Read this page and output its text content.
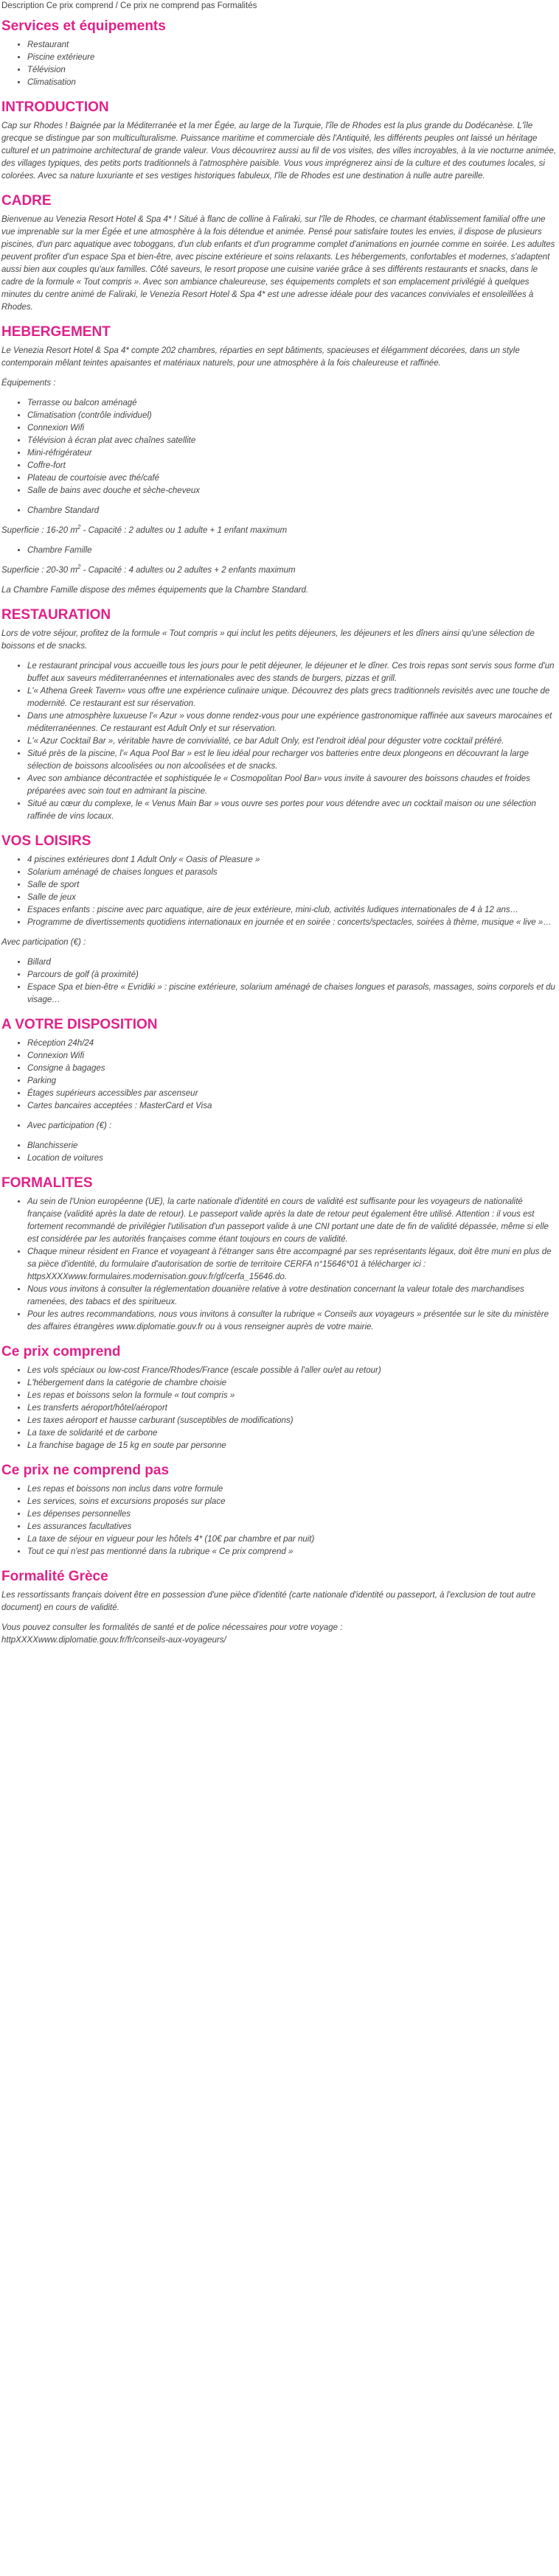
Description Ce prix comprend / Ce prix ne comprend pas Formalités
Services et équipements
• Restaurant
• Piscine extérieure
• Télévision
• Climatisation
INTRODUCTION

Cap sur Rhodes ! Baignée par la Méditerranée et la mer Égée, au large de la Turquie, l'île de Rhodes est la plus grande du Dodécanèse. L'île grecque se distingue par son multiculturalisme. Puissance maritime et commerciale dès l'Antiquité, les différents peuples ont laissé un héritage culturel et un patrimoine architectural de grande valeur. Vous découvrirez aussi au fil de vos visites, des villes incroyables, à la vie nocturne animée, des villages typiques, des petits ports traditionnels à l'atmosphère paisible. Vous vous imprégnerez ainsi de la culture et des coutumes locales, si colorées. Avec sa nature luxuriante et ses vestiges historiques fabuleux, l'île de Rhodes est une destination à nulle autre pareille.

CADRE

Bienvenue au Venezia Resort Hotel & Spa 4* ! Situé à flanc de colline à Faliraki, sur l'île de Rhodes, ce charmant établissement familial offre une vue imprenable sur la mer Égée et une atmosphère à la fois détendue et animée. Pensé pour satisfaire toutes les envies, il dispose de plusieurs piscines, d'un parc aquatique avec toboggans, d'un club enfants et d'un programme complet d'animations en journée comme en soirée. Les adultes peuvent profiter d'un espace Spa et bien-être, avec piscine extérieure et soins relaxants. Les hébergements, confortables et modernes, s'adaptent aussi bien aux couples qu'aux familles. Côté saveurs, le resort propose une cuisine variée grâce à ses différents restaurants et snacks, dans le cadre de la formule « Tout compris ». Avec son ambiance chaleureuse, ses équipements complets et son emplacement privilégié à quelques minutes du centre animé de Faliraki, le Venezia Resort Hotel & Spa 4* est une adresse idéale pour des vacances conviviales et ensoleillées à Rhodes.

HEBERGEMENT

Le Venezia Resort Hotel & Spa 4* compte 202 chambres, réparties en sept bâtiments, spacieuses et élégamment décorées, dans un style contemporain mêlant teintes apaisantes et matériaux naturels, pour une atmosphère à la fois chaleureuse et raffinée.

Équipements :

• Terrasse ou balcon aménagé
• Climatisation (contrôle individuel)
• Connexion Wifi
• Télévision à écran plat avec chaînes satellite
• Mini-réfrigérateur
• Coffre-fort
• Plateau de courtoisie avec thé/café
• Salle de bains avec douche et sèche-cheveux
• Chambre Standard

Superficie : 16-20 $m^2$ - Capacité : 2 adultes ou 1 adulte + 1 enfant maximum

• Chambre Famille

Superficie : 20-30 $m^2$ - Capacité : 4 adultes ou 2 adultes + 2 enfants maximum

La Chambre Famille dispose des mêmes équipements que la Chambre Standard.

RESTAURATION

Lors de votre séjour, profitez de la formule « Tout compris » qui inclut les petits déjeuners, les déjeuners et les dîners ainsi qu'une sélection de boissons et de snacks.

• Le restaurant principal vous accueille tous les jours pour le petit déjeuner, le déjeuner et le dîner. Ces trois repas sont servis sous forme d'un buffet aux saveurs méditerranéennes et internationales avec des stands de burgers, pizzas et grill.
• L'« Athena Greek Tavern» vous offre une expérience culinaire unique. Découvrez des plats grecs traditionnels revisités avec une touche de modernité. Ce restaurant est sur réservation.
• Dans une atmosphère luxueuse l'« Azur » vous donne rendez-vous pour une expérience gastronomique raffinée aux saveurs marocaines et méditerranéennes. Ce restaurant est Adult Only et sur réservation.
• L'« Azur Cocktail Bar », véritable havre de convivialité, ce bar Adult Only, est l'endroit idéal pour déguster votre cocktail préféré.
• Situé près de la piscine, l'« Aqua Pool Bar » est le lieu idéal pour recharger vos batteries entre deux plongeons en découvrant la large sélection de boissons alcoolisées ou non alcoolisées et de snacks.
• Avec son ambiance décontractée et sophistiquée le « Cosmopolitan Pool Bar» vous invite à savourer des boissons chaudes et froides préparées avec soin tout en admirant la piscine.
• Situé au cœur du complexe, le « Venus Main Bar » vous ouvre ses portes pour vous détendre avec un cocktail maison ou une sélection raffinée de vins locaux.
VOS LOISIRS
• 4 piscines extérieures dont 1 Adult Only « Oasis of Pleasure »
• Solarium aménagé de chaises longues et parasols
• Salle de sport
• Salle de jeux
• Espaces enfants : piscine avec parc aquatique, aire de jeux extérieure, mini-club, activités ludiques internationales de 4 à 12 ans…
• Programme de divertissements quotidiens internationaux en journée et en soirée : concerts/spectacles, soirées à thème, musique « live »…

Avec participation (€) :

• Billard
• Parcours de golf (à proximité)
• Espace Spa et bien-être « Evridiki » : piscine extérieure, solarium aménagé de chaises longues et parasols, massages, soins corporels et du visage…
A VOTRE DISPOSITION
• Réception 24h/24
• Connexion Wifi
• Consigne à bagages
• Parking
• Étages supérieurs accessibles par ascenseur
• Cartes bancaires acceptées : MasterCard et Visa
• Avec participation (€) :
• Blanchisserie
• Location de voitures
FORMALITES
• Au sein de l'Union européenne (UE), la carte nationale d'identité en cours de validité est suffisante pour les voyageurs de nationalité française (validité après la date de retour). Le passeport valide après la date de retour peut également être utilisé. Attention : il vous est fortement recommandé de privilégier l'utilisation d'un passeport valide à une CNI portant une date de fin de validité dépassée, même si elle est considérée par les autorités françaises comme étant toujours en cours de validité.
• Chaque mineur résident en France et voyageant à l'étranger sans être accompagné par ses représentants légaux, doit être muni en plus de sa pièce d'identité, du formulaire d'autorisation de sortie de territoire CERFA n°15646*01 à télécharger ici : httpsXXXXwww.formulaires.modernisation.gouv.fr/gf/cerfa_15646.do.
• Nous vous invitons à consulter la réglementation douanière relative à votre destination concernant la valeur totale des marchandises ramenées, des tabacs et des spiritueux.
• Pour les autres recommandations, nous vous invitons à consulter la rubrique « Conseils aux voyageurs » présentée sur le site du ministère des affaires étrangères www.diplomatie.gouv.fr ou à vous renseigner auprès de votre mairie.
Ce prix comprend
• Les vols spéciaux ou low-cost France/Rhodes/France (escale possible à l'aller ou/et au retour)
• L'hébergement dans la catégorie de chambre choisie
• Les repas et boissons selon la formule « tout compris »
• Les transferts aéroport/hôtel/aéroport
• Les taxes aéroport et hausse carburant (susceptibles de modifications)
• La taxe de solidarité et de carbone
• La franchise bagage de 15 kg en soute par personne
Ce prix ne comprend pas
• Les repas et boissons non inclus dans votre formule
• Les services, soins et excursions proposés sur place
• Les dépenses personnelles
• Les assurances facultatives
• La taxe de séjour en vigueur pour les hôtels 4* (10€ par chambre et par nuit)
• Tout ce qui n'est pas mentionné dans la rubrique « Ce prix comprend »
Formalité Grèce

Les ressortissants français doivent être en possession d'une pièce d'identité (carte nationale d'identité ou passeport, à l'exclusion de tout autre document) en cours de validité.

Vous pouvez consulter les formalités de santé et de police nécessaires pour votre voyage :
httpXXXXwww.diplomatie.gouv.fr/fr/conseils-aux-voyageurs/
